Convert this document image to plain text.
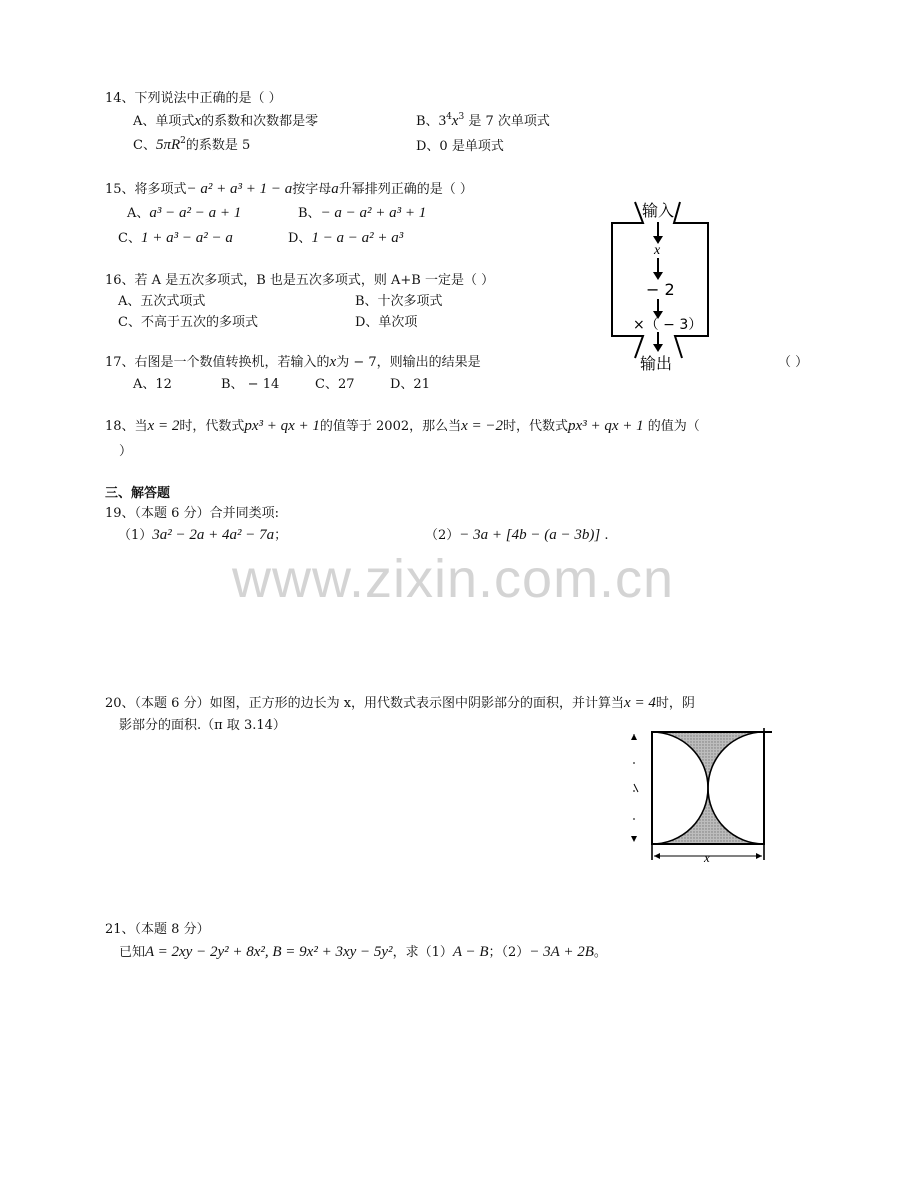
www.zixin.com.cn
14、下列说法中正确的是（ ）
A、单项式x的系数和次数都是零	B、$3^4x^3$ 是 7 次单项式
C、$5\pi R^2$的系数是 5	D、0 是单项式
15、将多项式− a² + a³ + 1 − a按字母a升幂排列正确的是（ ）
A、a³ − a² − a + 1	B、− a − a² + a³ + 1
C、1 + a³ − a² − a	D、1 − a − a² + a³
输入
x
− 2
×（ − 3）
输出
16、若 A 是五次多项式，B 也是五次多项式，则 A+B 一定是（ ）
A、五次式项式	B、十次多项式
C、不高于五次的多项式	D、单次项
17、右图是一个数值转换机，若输入的x为 − 7，则输出的结果是	（ ）
A、12	B、 − 14	C、27	D、21
18、当x = 2时，代数式px³ + qx + 1的值等于 2002，那么当x = −2时，代数式px³ + qx + 1 的值为（
）
三、解答题
19、（本题 6 分）合并同类项:
（1）3a² − 2a + 4a² − 7a；	（2）− 3a + [4b − (a − 3b)] .
20、（本题 6 分）如图，正方形的边长为 x，用代数式表示图中阴影部分的面积，并计算当x = 4时，阴
影部分的面积.（π 取 3.14）
x
21、（本题 8 分）
已知A = 2xy − 2y² + 8x², B = 9x² + 3xy − 5y²，求（1）A − B；（2）− 3A + 2B。
